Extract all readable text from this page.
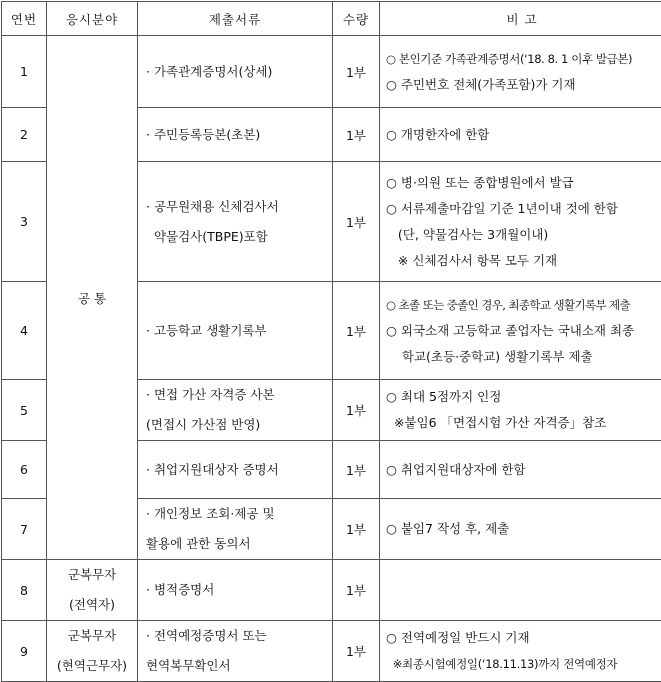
연번	응시분야	제출서류	수량	비 고
1	공 통	· 가족관계증명서(상세)	1부	○ 본인기준 가족관계증명서(‘18. 8. 1 이후 발급본)
○ 주민번호 전체(가족포함)가 기재

2		· 주민등록등본(초본)	1부	○ 개명한자에 한함

3		· 공무원채용 신체검사서
약물검사(TBPE)포함	1부	○ 병·의원 또는 종합병원에서 발급
○ 서류제출마감일 기준 1년이내 것에 한함
(단, 약물검사는 3개월이내)
※ 신체검사서 항목 모두 기재

4		· 고등학교 생활기록부	1부	○ 초졸 또는 중졸인 경우, 최종학교 생활기록부 제출
○ 외국소재 고등학교 졸업자는 국내소재 최종
학교(초등·중학교) 생활기록부 제출

5		· 면접 가산 자격증 사본
(면접시 가산점 반영)	1부	○ 최대 5점까지 인정
※붙임6 「면접시험 가산 자격증」참조

6		· 취업지원대상자 증명서	1부	○ 취업지원대상자에 한함

7		· 개인정보 조회·제공 및
활용에 관한 동의서	1부	○ 붙임7 작성 후, 제출

8	군복무자
(전역자)	· 병적증명서	1부	
9	군복무자
(현역근무자)	· 전역예정증명서 또는
현역복무확인서	1부	○ 전역예정일 반드시 기재
※최종시험예정일(‘18.11.13)까지 전역예정자
